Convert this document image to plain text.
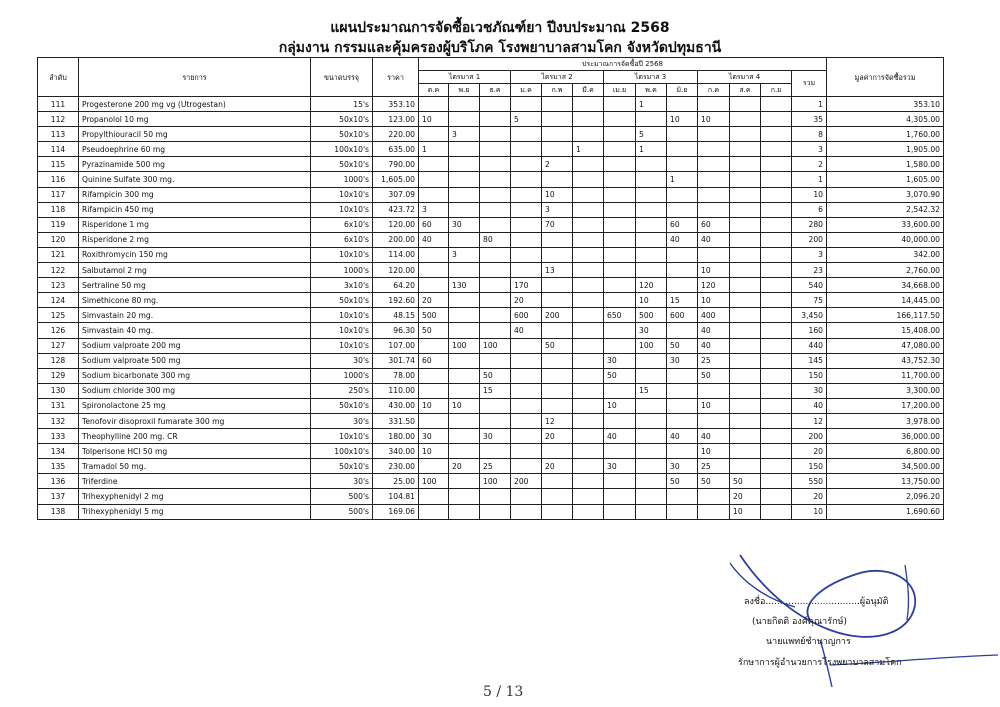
แผนประมาณการจัดซื้อเวชภัณฑ์ยา ปีงบประมาณ 2568
กลุ่มงาน กรรมและคุ้มครองผู้บริโภค โรงพยาบาลสามโคก จังหวัดปทุมธานี
ลำดับ	รายการ	ขนาดบรรจุ	ราคา	ประมาณการจัดซื้อปี 2568													มูลค่าการจัดซื้อรวม
				ไตรมาส 1			ไตรมาส 2			ไตรมาส 3			ไตรมาส 4			รวม	
				ต.ค	พ.ย	ธ.ค	ม.ค	ก.พ	มี.ค	เม.ย	พ.ค	มิ.ย	ก.ค	ส.ค	ก.ย		
111	Progesterone 200 mg vg (Utrogestan)	15's	353.10								1					1	353.10
112	Propanolol 10 mg	50x10's	123.00	10			5					10	10			35	4,305.00
113	Propylthiouracil 50 mg	50x10's	220.00		3						5					8	1,760.00
114	Pseudoephrine 60 mg	100x10's	635.00	1					1		1					3	1,905.00
115	Pyrazinamide 500 mg	50x10's	790.00					2								2	1,580.00
116	Quinine Sulfate 300 mg.	1000's	1,605.00									1				1	1,605.00
117	Rifampicin 300 mg	10x10's	307.09					10								10	3,070.90
118	Rifampicin 450 mg	10x10's	423.72	3				3								6	2,542.32
119	Risperidone 1 mg	6x10's	120.00	60	30			70				60	60			280	33,600.00
120	Risperidone 2 mg	6x10's	200.00	40		80						40	40			200	40,000.00
121	Roxithromycin 150 mg	10x10's	114.00		3											3	342.00
122	Salbutamol 2 mg	1000's	120.00					13					10			23	2,760.00
123	Sertraline 50 mg	3x10's	64.20		130		170				120		120			540	34,668.00
124	Simethicone 80 mg.	50x10's	192.60	20			20				10	15	10			75	14,445.00
125	Simvastain 20 mg.	10x10's	48.15	500			600	200		650	500	600	400			3,450	166,117.50
126	Simvastain 40 mg.	10x10's	96.30	50			40				30		40			160	15,408.00
127	Sodium valproate 200 mg	10x10's	107.00		100	100		50			100	50	40			440	47,080.00
128	Sodium valproate 500 mg	30's	301.74	60						30		30	25			145	43,752.30
129	Sodium bicarbonate 300 mg	1000's	78.00			50				50			50			150	11,700.00
130	Sodium chloride 300 mg	250's	110.00			15					15					30	3,300.00
131	Spironolactone 25 mg	50x10's	430.00	10	10					10			10			40	17,200.00
132	Tenofovir disoproxil fumarate 300 mg	30's	331.50					12								12	3,978.00
133	Theophylline 200 mg. CR	10x10's	180.00	30		30		20		40		40	40			200	36,000.00
134	Tolperisone HCl 50 mg	100x10's	340.00	10									10			20	6,800.00
135	Tramadol 50 mg.	50x10's	230.00		20	25		20		30		30	25			150	34,500.00
136	Triferdine	30's	25.00	100		100	200					50	50	50		550	13,750.00
137	Trihexyphenidyl 2 mg	500's	104.81											20		20	2,096.20
138	Trihexyphenidyl 5 mg	500's	169.06											10		10	1,690.60
ลงชื่อ.................................ผู้อนุมัติ
(นายกิตติ องค์คุณารักษ์)
นายแพทย์ชำนาญการ
รักษาการผู้อำนวยการโรงพยาบาลสามโคก
5 / 13
